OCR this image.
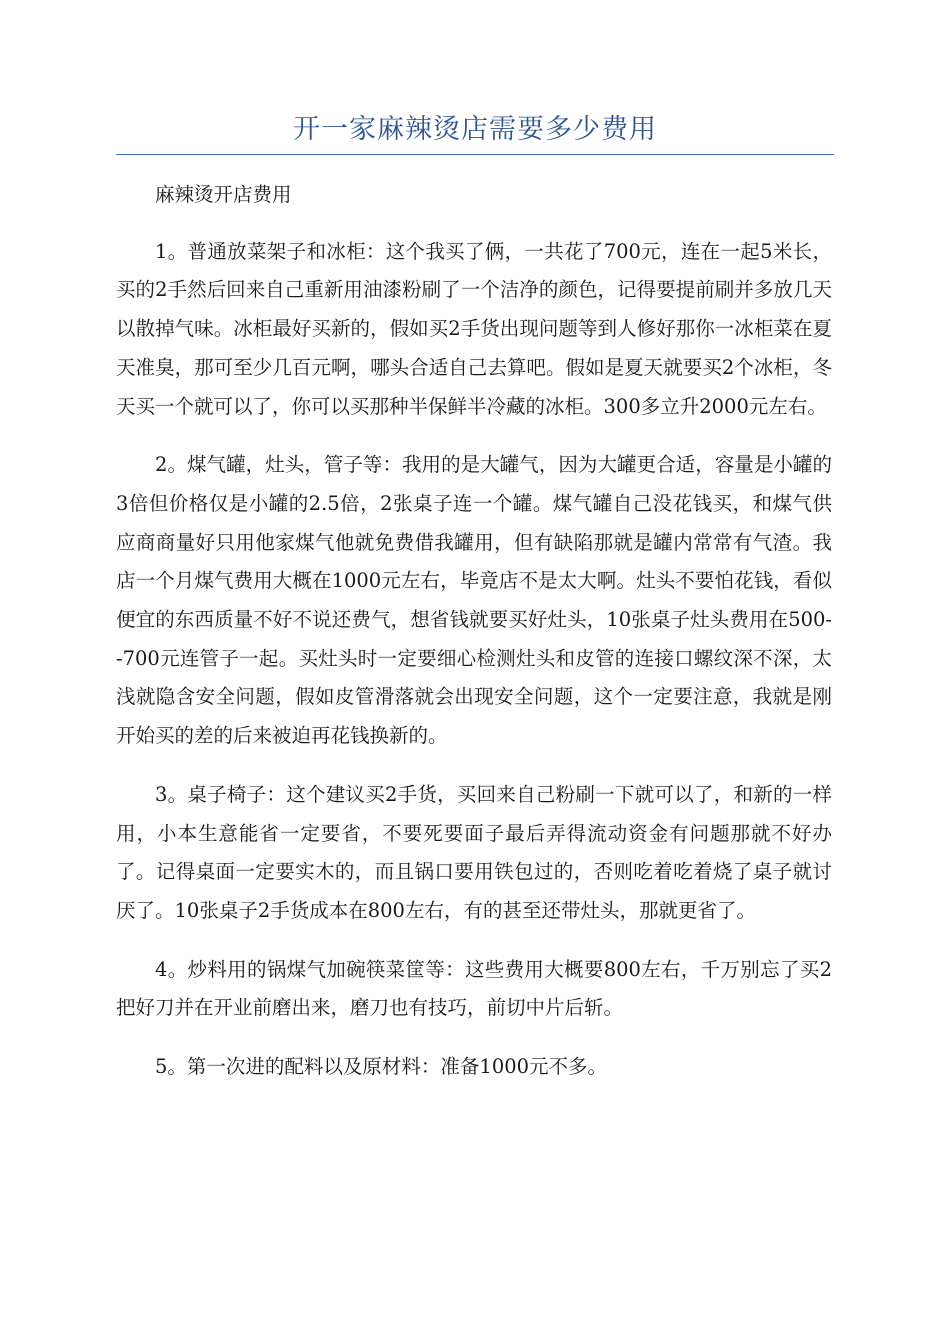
开一家麻辣烫店需要多少费用

麻辣烫开店费用

1。普通放菜架子和冰柜：这个我买了俩，一共花了700元，连在一起5米长，买的2手然后回来自己重新用油漆粉刷了一个洁净的颜色，记得要提前刷并多放几天以散掉气味。冰柜最好买新的，假如买2手货出现问题等到人修好那你一冰柜菜在夏天准臭，那可至少几百元啊，哪头合适自己去算吧。假如是夏天就要买2个冰柜，冬天买一个就可以了，你可以买那种半保鲜半冷藏的冰柜。300多立升2000元左右。

2。煤气罐，灶头，管子等：我用的是大罐气，因为大罐更合适，容量是小罐的3倍但价格仅是小罐的2.5倍，2张桌子连一个罐。煤气罐自己没花钱买，和煤气供应商商量好只用他家煤气他就免费借我罐用，但有缺陷那就是罐内常常有气渣。我店一个月煤气费用大概在1000元左右，毕竟店不是太大啊。灶头不要怕花钱，看似便宜的东西质量不好不说还费气，想省钱就要买好灶头，10张桌子灶头费用在500--700元连管子一起。买灶头时一定要细心检测灶头和皮管的连接口螺纹深不深，太浅就隐含安全问题，假如皮管滑落就会出现安全问题，这个一定要注意，我就是刚开始买的差的后来被迫再花钱换新的。

3。桌子椅子：这个建议买2手货，买回来自己粉刷一下就可以了，和新的一样用，小本生意能省一定要省，不要死要面子最后弄得流动资金有问题那就不好办了。记得桌面一定要实木的，而且锅口要用铁包过的，否则吃着吃着烧了桌子就讨厌了。10张桌子2手货成本在800左右，有的甚至还带灶头，那就更省了。

4。炒料用的锅煤气加碗筷菜筐等：这些费用大概要800左右，千万别忘了买2把好刀并在开业前磨出来，磨刀也有技巧，前切中片后斩。

5。第一次进的配料以及原材料：准备1000元不多。
